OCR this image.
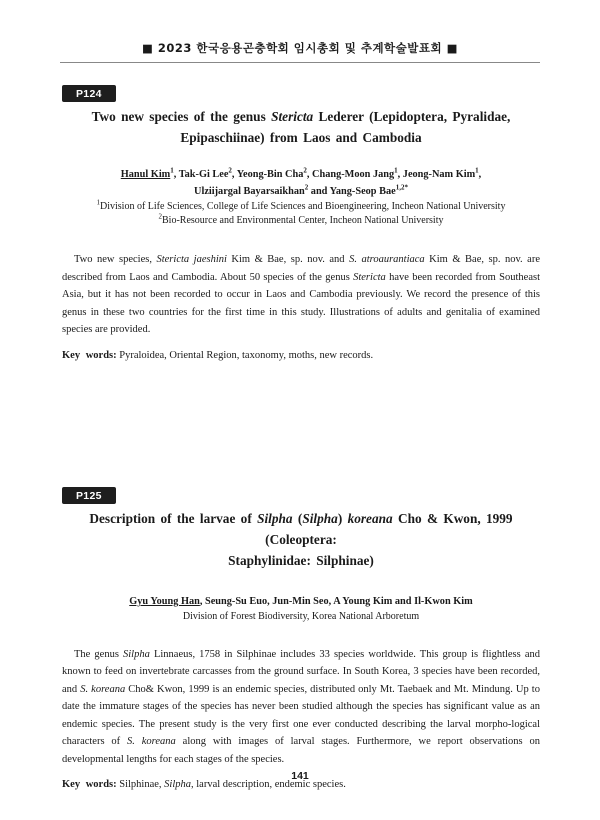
■ 2023 한국응용곤충학회 임시총회 및 추계학술발표회 ■
P124
Two new species of the genus Stericta Lederer (Lepidoptera, Pyralidae,
Epipaschiinae) from Laos and Cambodia
Hanul Kim$^1$, Tak-Gi Lee$^2$, Yeong-Bin Cha$^2$, Chang-Moon Jang$^1$, Jeong-Nam Kim$^1$,
Ulziijargal Bayarsaikhan$^2$ and Yang-Seop Bae$^{1,2*}$
$^1$Division of Life Sciences, College of Life Sciences and Bioengineering, Incheon National University
$^2$Bio-Resource and Environmental Center, Incheon National University
Two new species, Stericta jaeshini Kim & Bae, sp. nov. and S. atroaurantiaca Kim & Bae, sp. nov. are described from Laos and Cambodia. About 50 species of the genus Stericta have been recorded from Southeast Asia, but it has not been recorded to occur in Laos and Cambodia previously. We record the presence of this genus in these two countries for the first time in this study. Illustrations of adults and genitalia of examined species are provided.
Key words: Pyraloidea, Oriental Region, taxonomy, moths, new records.
P125
Description of the larvae of Silpha (Silpha) koreana Cho & Kwon, 1999 (Coleoptera:
Staphylinidae: Silphinae)
Gyu Young Han, Seung-Su Euo, Jun-Min Seo, A Young Kim and Il-Kwon Kim
Division of Forest Biodiversity, Korea National Arboretum
The genus Silpha Linnaeus, 1758 in Silphinae includes 33 species worldwide. This group is flightless and known to feed on invertebrate carcasses from the ground surface. In South Korea, 3 species have been recorded, and S. koreana Cho& Kwon, 1999 is an endemic species, distributed only Mt. Taebaek and Mt. Mindung. Up to date the immature stages of the species has never been studied although the species has significant value as an endemic species. The present study is the very first one ever conducted describing the larval morpho-logical characters of S. koreana along with images of larval stages. Furthermore, we report observations on developmental lengths for each stages of the species.
Key words: Silphinae, Silpha, larval description, endemic species.
141
